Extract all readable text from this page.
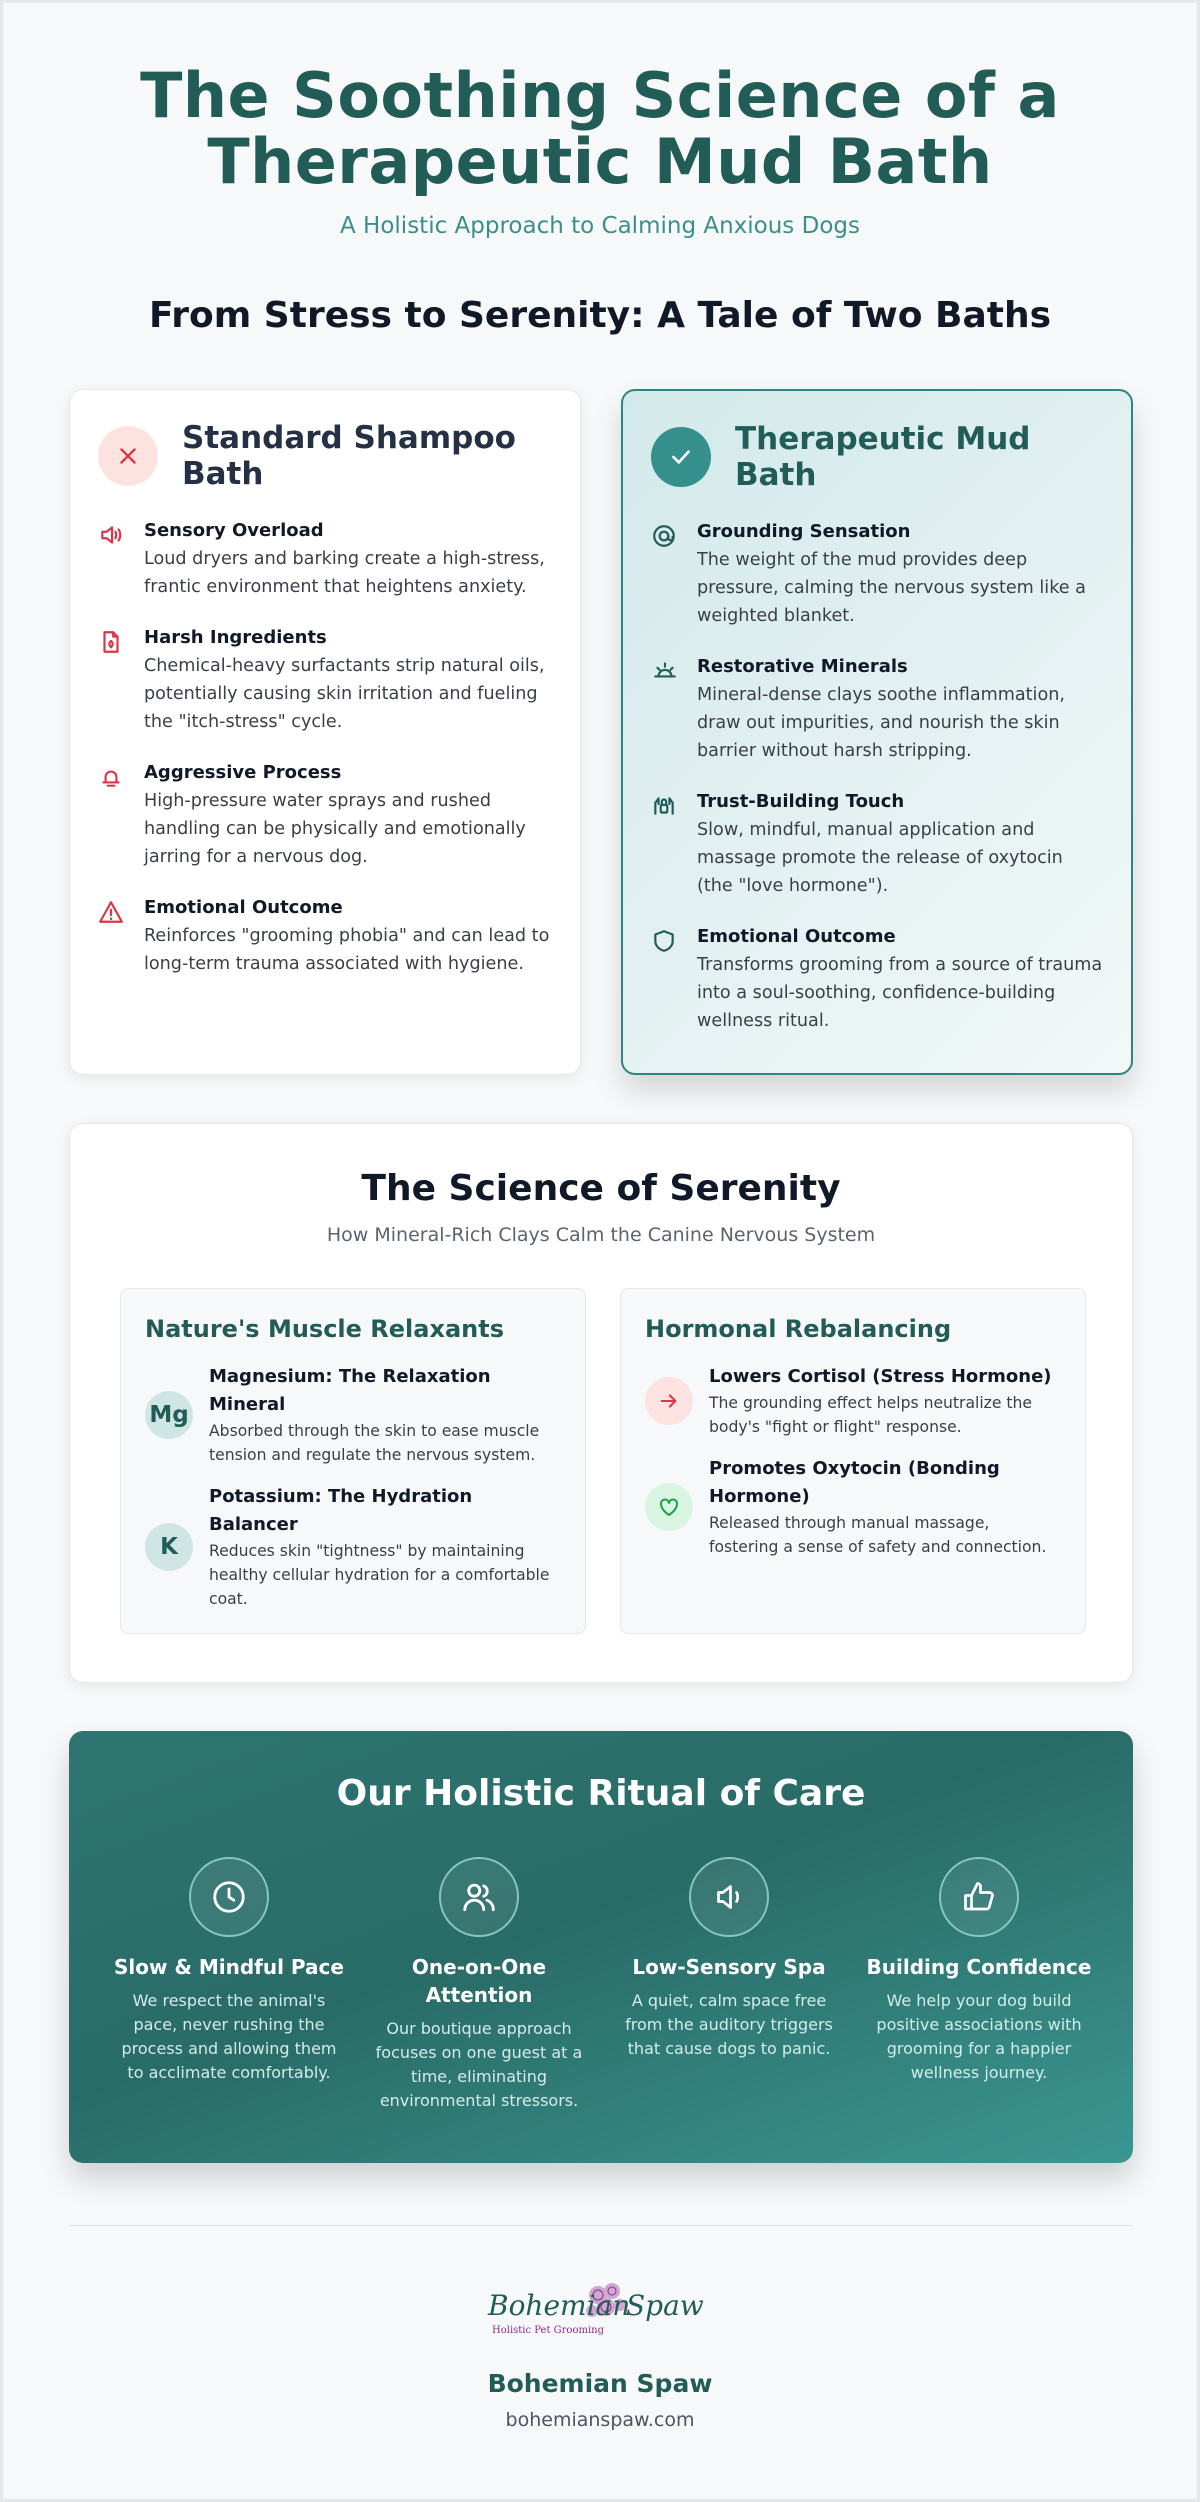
The Soothing Science of a
Therapeutic Mud Bath
A Holistic Approach to Calming Anxious Dogs
From Stress to Serenity: A Tale of Two Baths
Standard Shampoo Bath
Sensory Overload
Loud dryers and barking create a high-stress, frantic environment that heightens anxiety.
Harsh Ingredients
Chemical-heavy surfactants strip natural oils, potentially causing skin irritation and fueling the "itch-stress" cycle.
Aggressive Process
High-pressure water sprays and rushed handling can be physically and emotionally jarring for a nervous dog.
Emotional Outcome
Reinforces "grooming phobia" and can lead to long-term trauma associated with hygiene.
Therapeutic Mud Bath
Grounding Sensation
The weight of the mud provides deep pressure, calming the nervous system like a weighted blanket.
Restorative Minerals
Mineral-dense clays soothe inflammation, draw out impurities, and nourish the skin barrier without harsh stripping.
Trust-Building Touch
Slow, mindful, manual application and massage promote the release of oxytocin (the "love hormone").
Emotional Outcome
Transforms grooming from a source of trauma into a soul-soothing, confidence-building wellness ritual.
The Science of Serenity
How Mineral-Rich Clays Calm the Canine Nervous System
Nature's Muscle Relaxants
Mg
Magnesium: The Relaxation Mineral
Absorbed through the skin to ease muscle tension and regulate the nervous system.
K
Potassium: The Hydration Balancer
Reduces skin "tightness" by maintaining healthy cellular hydration for a comfortable coat.
Hormonal Rebalancing
Lowers Cortisol (Stress Hormone)
The grounding effect helps neutralize the body's "fight or flight" response.
Promotes Oxytocin (Bonding Hormone)
Released through manual massage, fostering a sense of safety and connection.
Our Holistic Ritual of Care
Slow & Mindful Pace
We respect the animal's pace, never rushing the process and allowing them to acclimate comfortably.
One-on-One Attention
Our boutique approach focuses on one guest at a time, eliminating environmental stressors.
Low-Sensory Spa
A quiet, calm space free from the auditory triggers that cause dogs to panic.
Building Confidence
We help your dog build positive associations with grooming for a happier wellness journey.
Bohemian
Spaw
Holistic Pet Grooming
Bohemian Spaw
bohemianspaw.com
